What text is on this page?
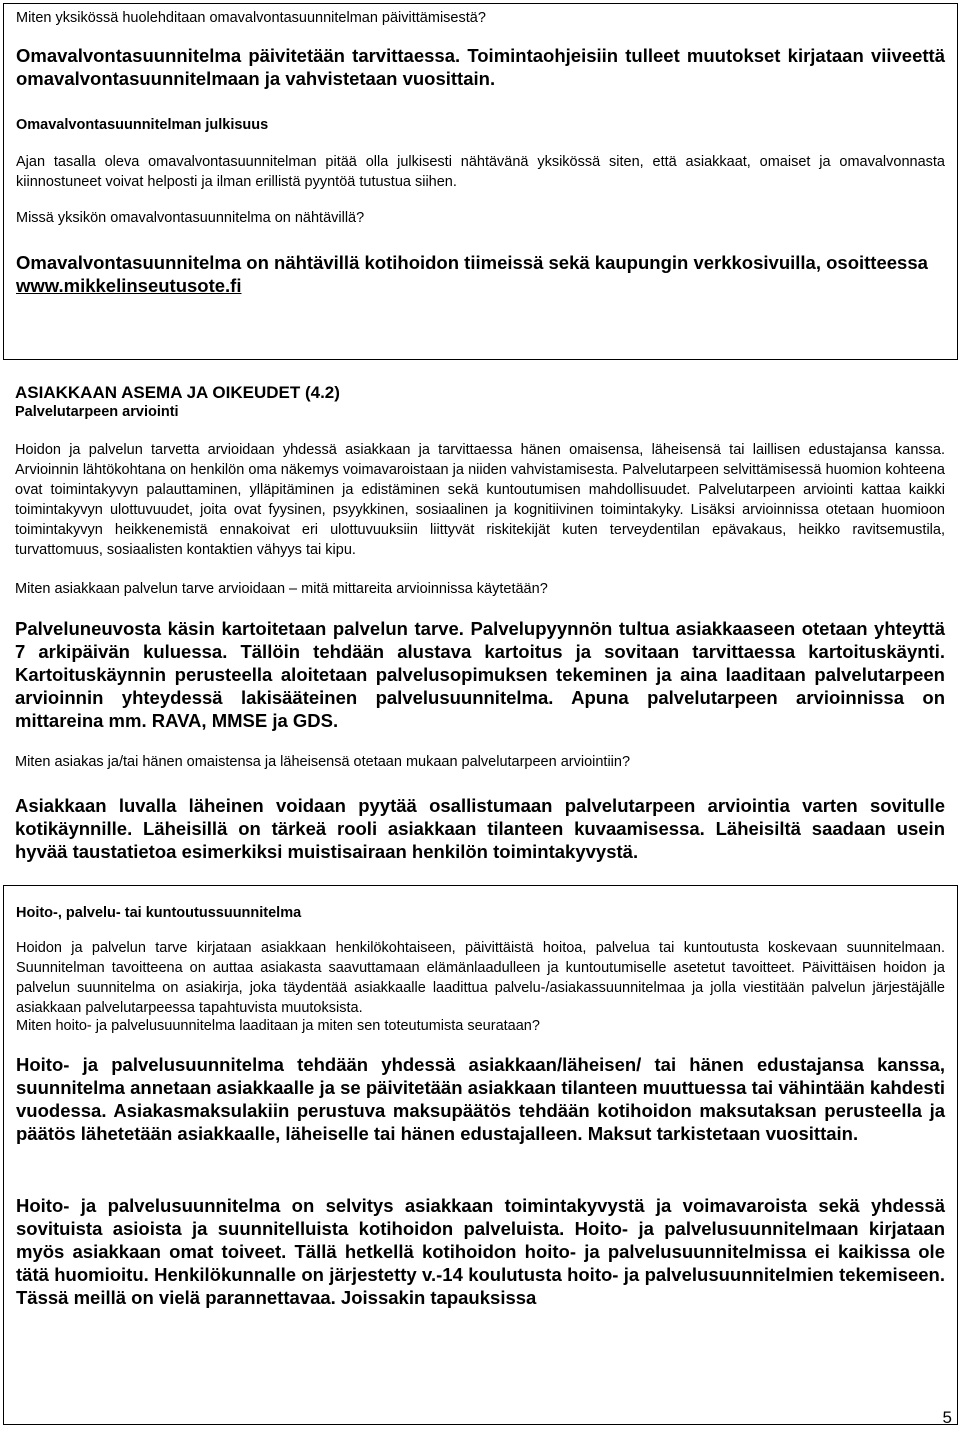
Miten yksikössä huolehditaan omavalvontasuunnitelman päivittämisestä?

Omavalvontasuunnitelma päivitetään tarvittaessa. Toimintaohjeisiin tulleet muutokset kirjataan viiveettä omavalvontasuunnitelmaan ja vahvistetaan vuosittain.

Omavalvontasuunnitelman julkisuus

Ajan tasalla oleva omavalvontasuunnitelman pitää olla julkisesti nähtävänä yksikössä siten, että asiakkaat, omaiset ja omavalvonnasta kiinnostuneet voivat helposti ja ilman erillistä pyyntöä tutustua siihen.

Missä yksikön omavalvontasuunnitelma on nähtävillä?

Omavalvontasuunnitelma on nähtävillä kotihoidon tiimeissä sekä kaupungin verkkosivuilla, osoitteessa
www.mikkelinseutusote.fi

ASIAKKAAN ASEMA JA OIKEUDET (4.2)

Palvelutarpeen arviointi

Hoidon ja palvelun tarvetta arvioidaan yhdessä asiakkaan ja tarvittaessa hänen omaisensa, läheisensä tai laillisen edustajansa kanssa. Arvioinnin lähtökohtana on henkilön oma näkemys voimavaroistaan ja niiden vahvistamisesta. Palvelutarpeen selvittämisessä huomion kohteena ovat toimintakyvyn palauttaminen, ylläpitäminen ja edistäminen sekä kuntoutumisen mahdollisuudet. Palvelutarpeen arviointi kattaa kaikki toimintakyvyn ulottuvuudet, joita ovat fyysinen, psyykkinen, sosiaalinen ja kognitiivinen toimintakyky. Lisäksi arvioinnissa otetaan huomioon toimintakyvyn heikkenemistä ennakoivat eri ulottuvuuksiin liittyvät riskitekijät kuten terveydentilan epävakaus, heikko ravitsemustila, turvattomuus, sosiaalisten kontaktien vähyys tai kipu.

Miten asiakkaan palvelun tarve arvioidaan – mitä mittareita arvioinnissa käytetään?

Palveluneuvosta käsin kartoitetaan palvelun tarve. Palvelupyynnön tultua asiakkaaseen otetaan yhteyttä 7 arkipäivän kuluessa. Tällöin tehdään alustava kartoitus ja sovitaan tarvittaessa kartoituskäynti. Kartoituskäynnin perusteella aloitetaan palvelusopimuksen tekeminen ja aina laaditaan palvelutarpeen arvioinnin yhteydessä lakisääteinen palvelusuunnitelma. Apuna palvelutarpeen arvioinnissa on mittareina mm. RAVA, MMSE ja GDS.

Miten asiakas ja/tai hänen omaistensa ja läheisensä otetaan mukaan palvelutarpeen arviointiin?

Asiakkaan luvalla läheinen voidaan pyytää osallistumaan palvelutarpeen arviointia varten sovitulle kotikäynnille. Läheisillä on tärkeä rooli asiakkaan tilanteen kuvaamisessa. Läheisiltä saadaan usein hyvää taustatietoa esimerkiksi muistisairaan henkilön toimintakyvystä.

Hoito-, palvelu- tai kuntoutussuunnitelma

Hoidon ja palvelun tarve kirjataan asiakkaan henkilökohtaiseen, päivittäistä hoitoa, palvelua tai kuntoutusta koskevaan suunnitelmaan. Suunnitelman tavoitteena on auttaa asiakasta saavuttamaan elämänlaadulleen ja kuntoutumiselle asetetut tavoitteet. Päivittäisen hoidon ja palvelun suunnitelma on asiakirja, joka täydentää asiakkaalle laadittua palvelu-/asiakassuunnitelmaa ja jolla viestitään palvelun järjestäjälle asiakkaan palvelutarpeessa tapahtuvista muutoksista.

Miten hoito- ja palvelusuunnitelma laaditaan ja miten sen toteutumista seurataan?

Hoito- ja palvelusuunnitelma tehdään yhdessä asiakkaan/läheisen/ tai hänen edustajansa kanssa, suunnitelma annetaan asiakkaalle ja se päivitetään asiakkaan tilanteen muuttuessa tai vähintään kahdesti vuodessa. Asiakasmaksulakiin perustuva maksupäätös tehdään kotihoidon maksutaksan perusteella ja päätös lähetetään asiakkaalle, läheiselle tai hänen edustajalleen. Maksut tarkistetaan vuosittain.

Hoito- ja palvelusuunnitelma on selvitys asiakkaan toimintakyvystä ja voimavaroista sekä yhdessä sovituista asioista ja suunnitelluista kotihoidon palveluista. Hoito- ja palvelusuunnitelmaan kirjataan myös asiakkaan omat toiveet. Tällä hetkellä kotihoidon hoito- ja palvelusuunnitelmissa ei kaikissa ole tätä huomioitu. Henkilökunnalle on järjestetty v.-14 koulutusta hoito- ja palvelusuunnitelmien tekemiseen. Tässä meillä on vielä parannettavaa. Joissakin tapauksissa

5
